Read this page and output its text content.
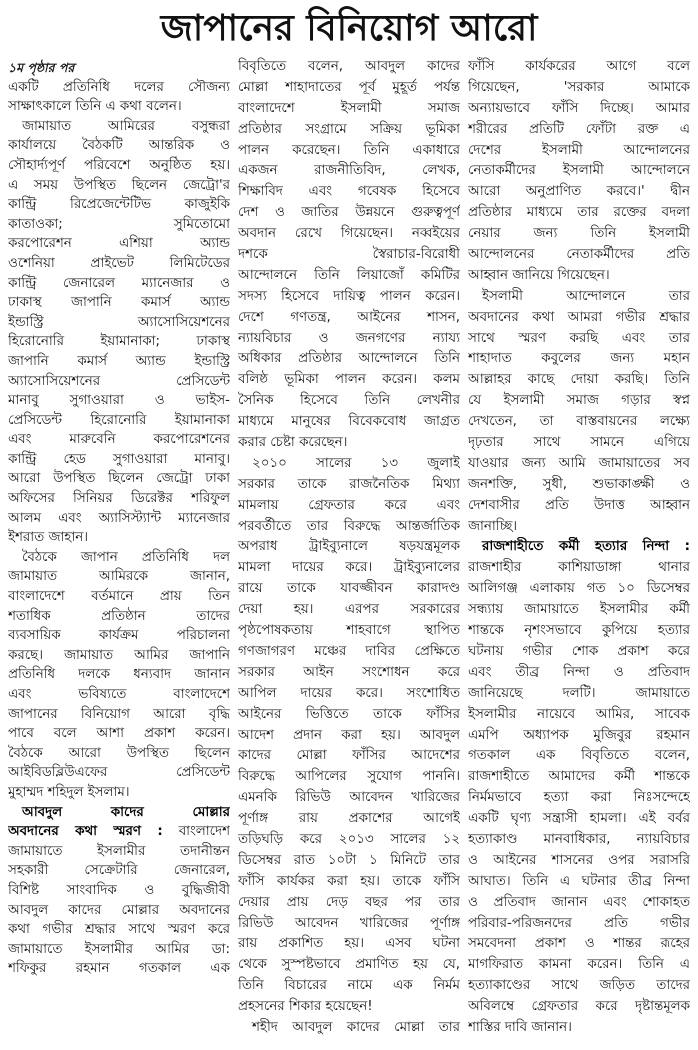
জাপানের বিনিয়োগ আরো
১ম পৃষ্ঠার পর
একটি প্রতিনিধি দলের সৌজন্য
সাক্ষাৎকালে তিনি এ কথা বলেন।
জামায়াত আমিরের বসুন্ধরা
কার্যালয়ে বৈঠকটি আন্তরিক ও
সৌহার্দ্যপূর্ণ পরিবেশে অনুষ্ঠিত হয়।
এ সময় উপস্থিত ছিলেন জেট্রো'র
কান্ট্রি রিপ্রেজেন্টেটিভ কাজুইকি
কাতাওকা; সুমিতোমো
করপোরেশন এশিয়া অ্যান্ড
ওশেনিয়া প্রাইভেট লিমিটেডের
কান্ট্রি জেনারেল ম্যানেজার ও
ঢাকাস্থ জাপানি কমার্স অ্যান্ড
ইন্ডাস্ট্রি অ্যাসোসিয়েশনের
হিরোনোরি ইয়ামানাকা; ঢাকাস্থ
জাপানি কমার্স অ্যান্ড ইন্ডাস্ট্রি
অ্যাসোসিয়েশনের প্রেসিডেন্ট
মানাবু সুগাওয়ারা ও ভাইস-
প্রেসিডেন্ট হিরোনোরি ইয়ামানাকা
এবং মারুবেনি করপোরেশনের
কান্ট্রি হেড সুগাওয়ারা মানাবু।
আরো উপস্থিত ছিলেন জেট্রো ঢাকা
অফিসের সিনিয়র ডিরেক্টর শরিফুল
আলম এবং অ্যাসিস্ট্যান্ট ম্যানেজার
ইশরাত জাহান।
বৈঠকে জাপান প্রতিনিধি দল
জামায়াত আমিরকে জানান,
বাংলাদেশে বর্তমানে প্রায় তিন
শতাধিক প্রতিষ্ঠান তাদের
ব্যবসায়িক কার্যক্রম পরিচালনা
করছে। জামায়াত আমির জাপানি
প্রতিনিধি দলকে ধন্যবাদ জানান
এবং ভবিষ্যতে বাংলাদেশে
জাপানের বিনিয়োগ আরো বৃদ্ধি
পাবে বলে আশা প্রকাশ করেন।
বৈঠকে আরো উপস্থিত ছিলেন
আইবিডব্লিউএফের প্রেসিডেন্ট
মুহাম্মদ শহিদুল ইসলাম।
আবদুল কাদের মোল্লার
অবদানের কথা স্মরণ : বাংলাদেশ
জামায়াতে ইসলামীর তদানীন্তন
সহকারী সেক্রেটারি জেনারেল,
বিশিষ্ট সাংবাদিক ও বুদ্ধিজীবী
আবদুল কাদের মোল্লার অবদানের
কথা গভীর শ্রদ্ধার সাথে স্মরণ করে
জামায়াতে ইসলামীর আমির ডা:
শফিকুর রহমান গতকাল এক
বিবৃতিতে বলেন, আবদুল কাদের
মোল্লা শাহাদাতের পূর্ব মুহূর্ত পর্যন্ত
বাংলাদেশে ইসলামী সমাজ
প্রতিষ্ঠার সংগ্রামে সক্রিয় ভূমিকা
পালন করেছেন। তিনি একাধারে
একজন রাজনীতিবিদ, লেখক,
শিক্ষাবিদ এবং গবেষক হিসেবে
দেশ ও জাতির উন্নয়নে গুরুত্বপূর্ণ
অবদান রেখে গিয়েছেন। নব্বইয়ের
দশকে স্বৈরাচার-বিরোধী
আন্দোলনে তিনি লিয়াজোঁ কমিটির
সদস্য হিসেবে দায়িত্ব পালন করেন।
দেশে গণতন্ত্র, আইনের শাসন,
ন্যায়বিচার ও জনগণের ন্যায্য
অধিকার প্রতিষ্ঠার আন্দোলনে তিনি
বলিষ্ঠ ভূমিকা পালন করেন। কলম
সৈনিক হিসেবে তিনি লেখনীর
মাধ্যমে মানুষের বিবেকবোধ জাগ্রত
করার চেষ্টা করেছেন।
২০১০ সালের ১৩ জুলাই
সরকার তাকে রাজনৈতিক মিথ্যা
মামলায় গ্রেফতার করে এবং
পরবর্তীতে তার বিরুদ্ধে আন্তর্জাতিক
অপরাধ ট্রাইব্যুনালে ষড়যন্ত্রমূলক
মামলা দায়ের করে। ট্রাইব্যুনালের
রায়ে তাকে যাবজ্জীবন কারাদণ্ড
দেয়া হয়। এরপর সরকারের
পৃষ্ঠপোষকতায় শাহবাগে স্থাপিত
গণজাগরণ মঞ্চের দাবির প্রেক্ষিতে
সরকার আইন সংশোধন করে
আপিল দায়ের করে। সংশোধিত
আইনের ভিত্তিতে তাকে ফাঁসির
আদেশ প্রদান করা হয়। আবদুল
কাদের মোল্লা ফাঁসির আদেশের
বিরুদ্ধে আপিলের সুযোগ পাননি।
এমনকি রিভিউ আবেদন খারিজের
পূর্ণাঙ্গ রায় প্রকাশের আগেই
তড়িঘড়ি করে ২০১৩ সালের ১২
ডিসেম্বর রাত ১০টা ১ মিনিটে তার
ফাঁসি কার্যকর করা হয়। তাকে ফাঁসি
দেয়ার প্রায় দেড় বছর পর তার
রিভিউ আবেদন খারিজের পূর্ণাঙ্গ
রায় প্রকাশিত হয়। এসব ঘটনা
থেকে সুস্পষ্টভাবে প্রমাণিত হয় যে,
তিনি বিচারের নামে এক নির্মম
প্রহসনের শিকার হয়েছেন!
শহীদ আবদুল কাদের মোল্লা তার
ফাঁসি কার্যকরের আগে বলে
গিয়েছেন, 'সরকার আমাকে
অন্যায়ভাবে ফাঁসি দিচ্ছে। আমার
শরীরের প্রতিটি ফোঁটা রক্ত এ
দেশের ইসলামী আন্দোলনের
নেতাকর্মীদের ইসলামী আন্দোলনে
আরো অনুপ্রাণিত করবে।' দ্বীন
প্রতিষ্ঠার মাধ্যমে তার রক্তের বদলা
নেয়ার জন্য তিনি ইসলামী
আন্দোলনের নেতাকর্মীদের প্রতি
আহ্বান জানিয়ে গিয়েছেন।
ইসলামী আন্দোলনে তার
অবদানের কথা আমরা গভীর শ্রদ্ধার
সাথে স্মরণ করছি এবং তার
শাহাদাত কবুলের জন্য মহান
আল্লাহর কাছে দোয়া করছি। তিনি
যে ইসলামী সমাজ গড়ার স্বপ্ন
দেখতেন, তা বাস্তবায়নের লক্ষ্যে
দৃঢ়তার সাথে সামনে এগিয়ে
যাওয়ার জন্য আমি জামায়াতের সব
জনশক্তি, সুধী, শুভাকাঙ্ক্ষী ও
দেশবাসীর প্রতি উদাত্ত আহ্বান
জানাচ্ছি।
রাজশাহীতে কর্মী হত্যার নিন্দা :
রাজশাহীর কাশিয়াডাঙ্গা থানার
আলিগঞ্জ এলাকায় গত ১০ ডিসেম্বর
সন্ধ্যায় জামায়াতে ইসলামীর কর্মী
শান্তকে নৃশংসভাবে কুপিয়ে হত্যার
ঘটনায় গভীর শোক প্রকাশ করে
এবং তীব্র নিন্দা ও প্রতিবাদ
জানিয়েছে দলটি। জামায়াতে
ইসলামীর নায়েবে আমির, সাবেক
এমপি অধ্যাপক মুজিবুর রহমান
গতকাল এক বিবৃতিতে বলেন,
রাজশাহীতে আমাদের কর্মী শান্তকে
নির্মমভাবে হত্যা করা নিঃসন্দেহে
একটি ঘৃণ্য সন্ত্রাসী হামলা। এই বর্বর
হত্যাকাণ্ড মানবাধিকার, ন্যায়বিচার
ও আইনের শাসনের ওপর সরাসরি
আঘাত। তিনি এ ঘটনার তীব্র নিন্দা
ও প্রতিবাদ জানান এবং শোকাহত
পরিবার-পরিজনদের প্রতি গভীর
সমবেদনা প্রকাশ ও শান্তর রূহের
মাগফিরাত কামনা করেন। তিনি এ
হত্যাকাণ্ডের সাথে জড়িত তাদের
অবিলম্বে গ্রেফতার করে দৃষ্টান্তমূলক
শাস্তির দাবি জানান।
